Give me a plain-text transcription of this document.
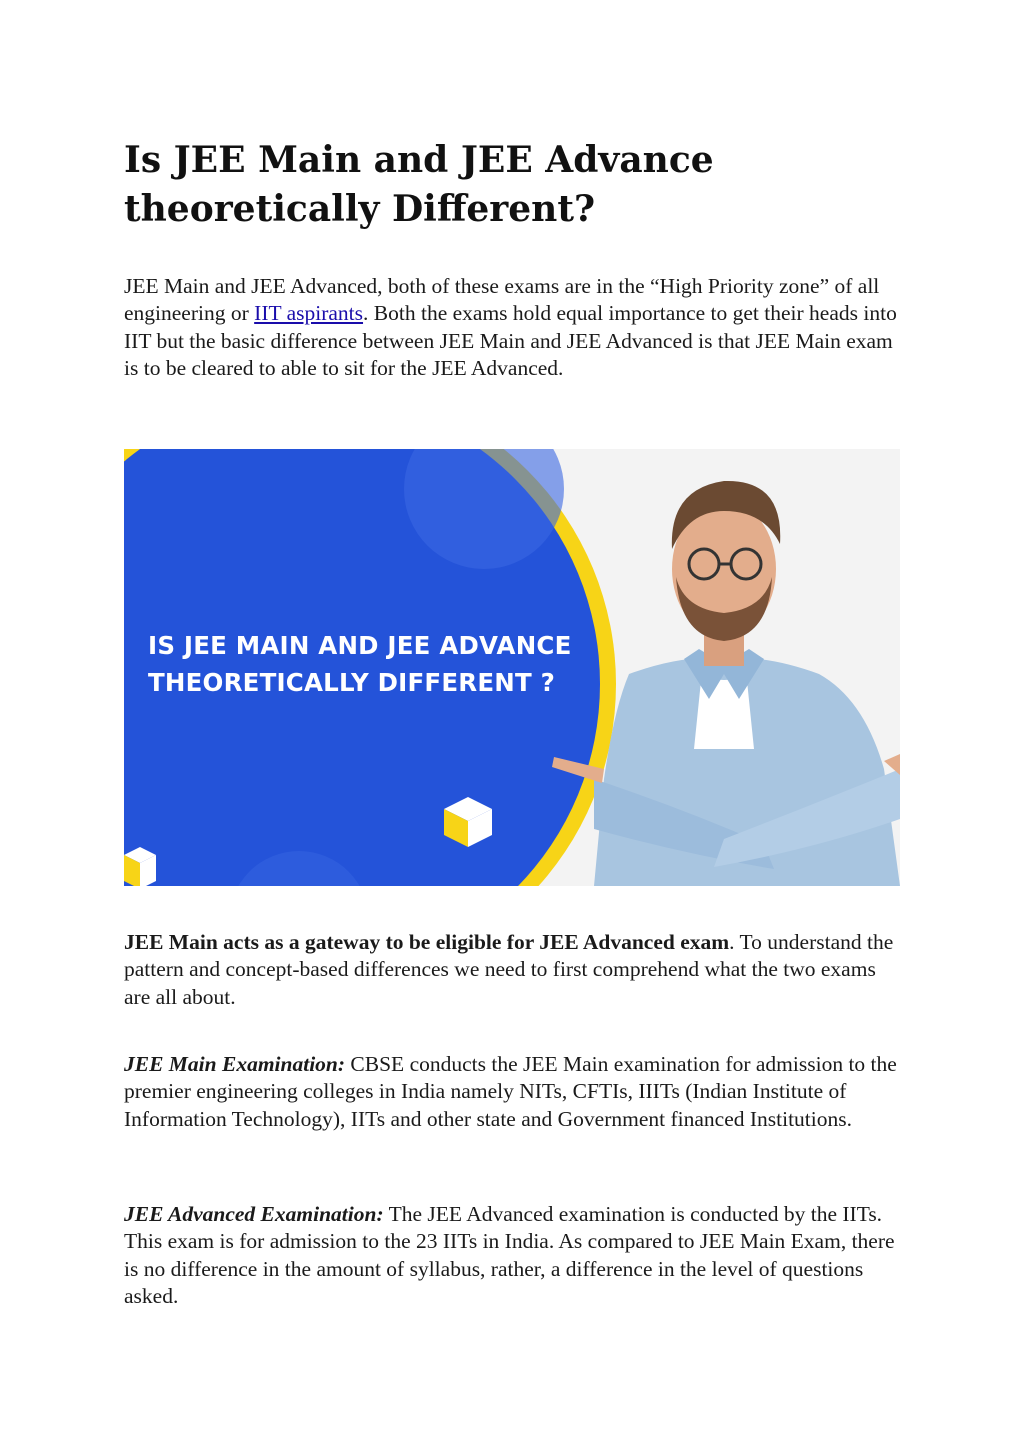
Is JEE Main and JEE Advance theoretically Different?

JEE Main and JEE Advanced, both of these exams are in the “High Priority zone” of all engineering or IIT aspirants. Both the exams hold equal importance to get their heads into IIT but the basic difference between JEE Main and JEE Advanced is that JEE Main exam is to be cleared to able to sit for the JEE Advanced.

IS JEE MAIN AND JEE ADVANCE
THEORETICALLY DIFFERENT ?

JEE Main acts as a gateway to be eligible for JEE Advanced exam. To understand the pattern and concept-based differences we need to first comprehend what the two exams are all about.

JEE Main Examination: CBSE conducts the JEE Main examination for admission to the premier engineering colleges in India namely NITs, CFTIs, IIITs (Indian Institute of Information Technology), IITs and other state and Government financed Institutions.

JEE Advanced Examination: The JEE Advanced examination is conducted by the IITs. This exam is for admission to the 23 IITs in India. As compared to JEE Main Exam, there is no difference in the amount of syllabus, rather, a difference in the level of questions asked.
